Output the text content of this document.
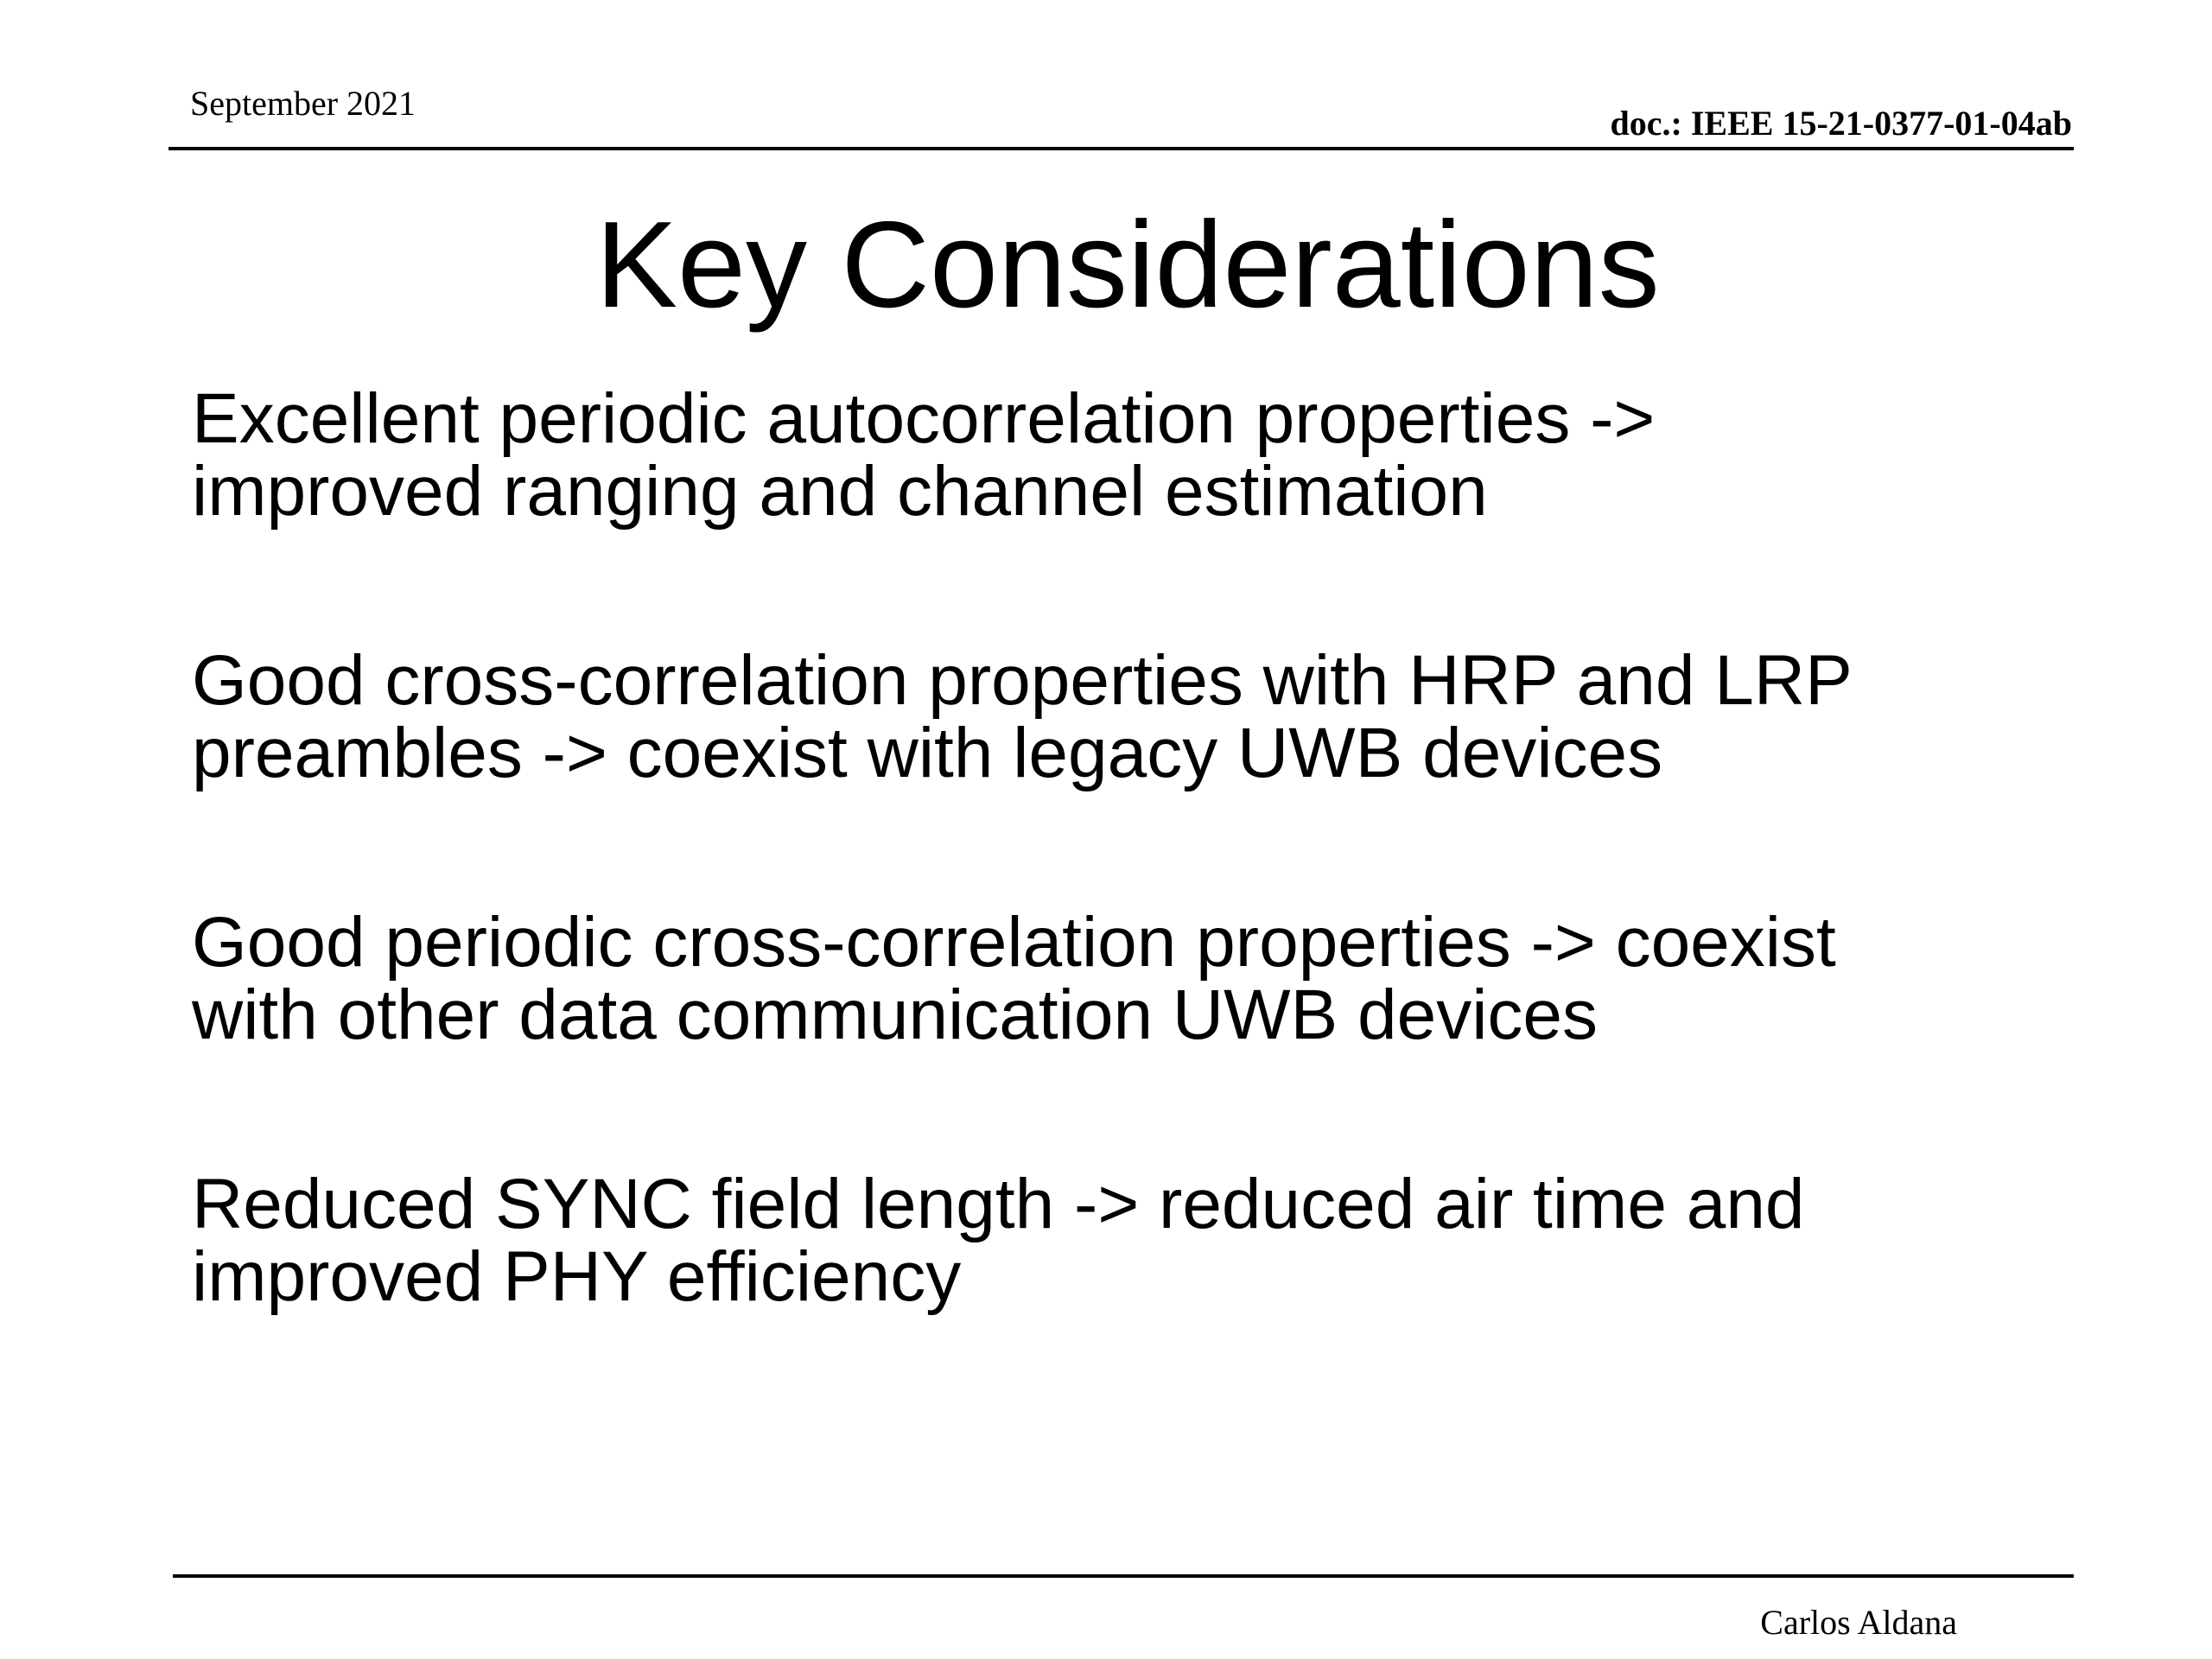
September 2021
doc.: IEEE 15-21-0377-01-04ab
Key Considerations
Excellent periodic autocorrelation properties ->
improved ranging and channel estimation
Good cross-correlation properties with HRP and LRP
preambles -> coexist with legacy UWB devices
Good periodic cross-correlation properties -> coexist
with other data communication UWB devices
Reduced SYNC field length -> reduced air time and
improved PHY efficiency
Carlos Aldana
